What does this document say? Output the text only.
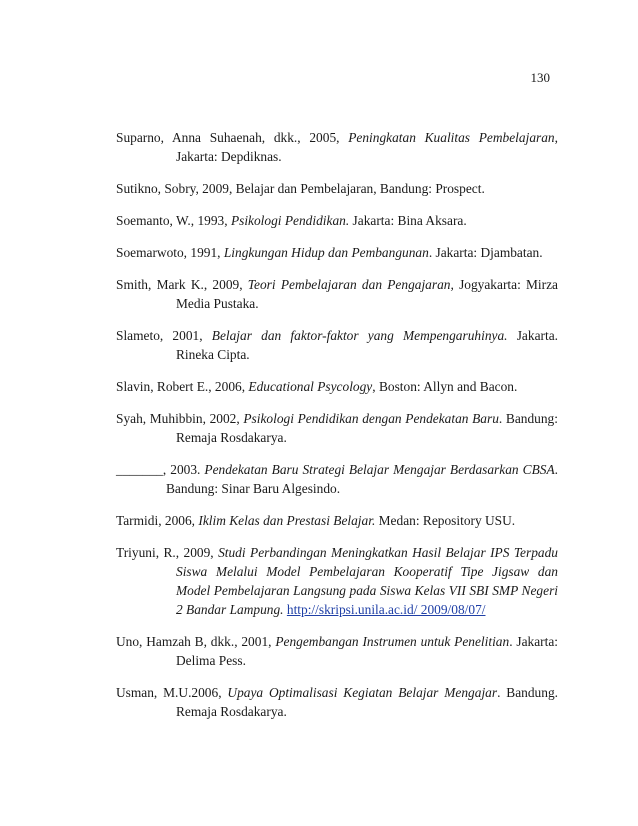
130

Suparno, Anna Suhaenah, dkk., 2005, Peningkatan Kualitas Pembelajaran, Jakarta: Depdiknas.

Sutikno, Sobry, 2009, Belajar dan Pembelajaran, Bandung: Prospect.

Soemanto, W., 1993, Psikologi Pendidikan. Jakarta: Bina Aksara.

Soemarwoto, 1991, Lingkungan Hidup dan Pembangunan. Jakarta: Djambatan.

Smith, Mark K., 2009, Teori Pembelajaran dan Pengajaran, Jogyakarta: Mirza Media Pustaka.

Slameto, 2001, Belajar dan faktor-faktor yang Mempengaruhinya. Jakarta. Rineka Cipta.

Slavin, Robert E., 2006, Educational Psycology, Boston: Allyn and Bacon.

Syah, Muhibbin, 2002, Psikologi Pendidikan dengan Pendekatan Baru. Bandung: Remaja Rosdakarya.

_______, 2003. Pendekatan Baru Strategi Belajar Mengajar Berdasarkan CBSA. Bandung: Sinar Baru Algesindo.

Tarmidi, 2006, Iklim Kelas dan Prestasi Belajar. Medan: Repository USU.

Triyuni, R., 2009, Studi Perbandingan Meningkatkan Hasil Belajar IPS Terpadu Siswa Melalui Model Pembelajaran Kooperatif Tipe Jigsaw dan Model Pembelajaran Langsung pada Siswa Kelas VII SBI SMP Negeri 2 Bandar Lampung. http://skripsi.unila.ac.id/ 2009/08/07/

Uno, Hamzah B, dkk., 2001, Pengembangan Instrumen untuk Penelitian. Jakarta: Delima Pess.

Usman, M.U.2006, Upaya Optimalisasi Kegiatan Belajar Mengajar. Bandung. Remaja Rosdakarya.
